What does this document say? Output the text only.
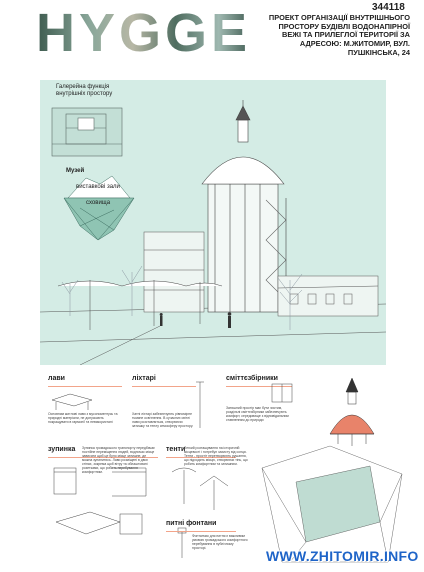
344118
HYGGE	ПРОЕКТ ОРГАНІЗАЦІЇ ВНУТРІШНЬОГО ПРОСТОРУ БУДІВЛІ ВОДОНАПІРНОЇ ВЕЖІ ТА ПРИЛЕГЛОЇ ТЕРИТОРІЇ ЗА АДРЕСОЮ: М.ЖИТОМИР, ВУЛ. ПУШКІНСЬКА, 24
Галерейна функція внутрішніх простору
Музей
виставкові зали
сховища
лави	ліхтарі	сміттєзбірники
Основним житлові лави з мусономентусь та природні матеріали, не допускають покращувати в гармонії та невикористані
Хатні ліхтарі забезпечують рівномірне тьмяне освітлення. В сучасних світлі лави розставляться, створюючи затишку та теплу атмосферу простору.
Затишний простір має бути чистим, роздільні сміттєзбірники забезпечують комфорт, середовище з відповідальним ставленням до природи
зупинка Зупинка громадського транспорту передбачає постійне переміщення людей, водночас місце зависати щоб це було місце затишне, де можна зупинитись. Лави розміщені в двох стінах, зокрема щоб вітру та облаштовані розетками, що робить перебування комфортним.
тенти
Легкий розташування на історичній місцевості і потребує захисту від сонця. Тенти - простіт перетворюють рушання, що підходять місцю, створюючи тінь, що робить комфортним та затишним.
питні фонтани
Фонтанчик для питня є важливим умовою громадського комфортного перебування в публічному просторі.	WWW.ZHITOMIR.INFO
